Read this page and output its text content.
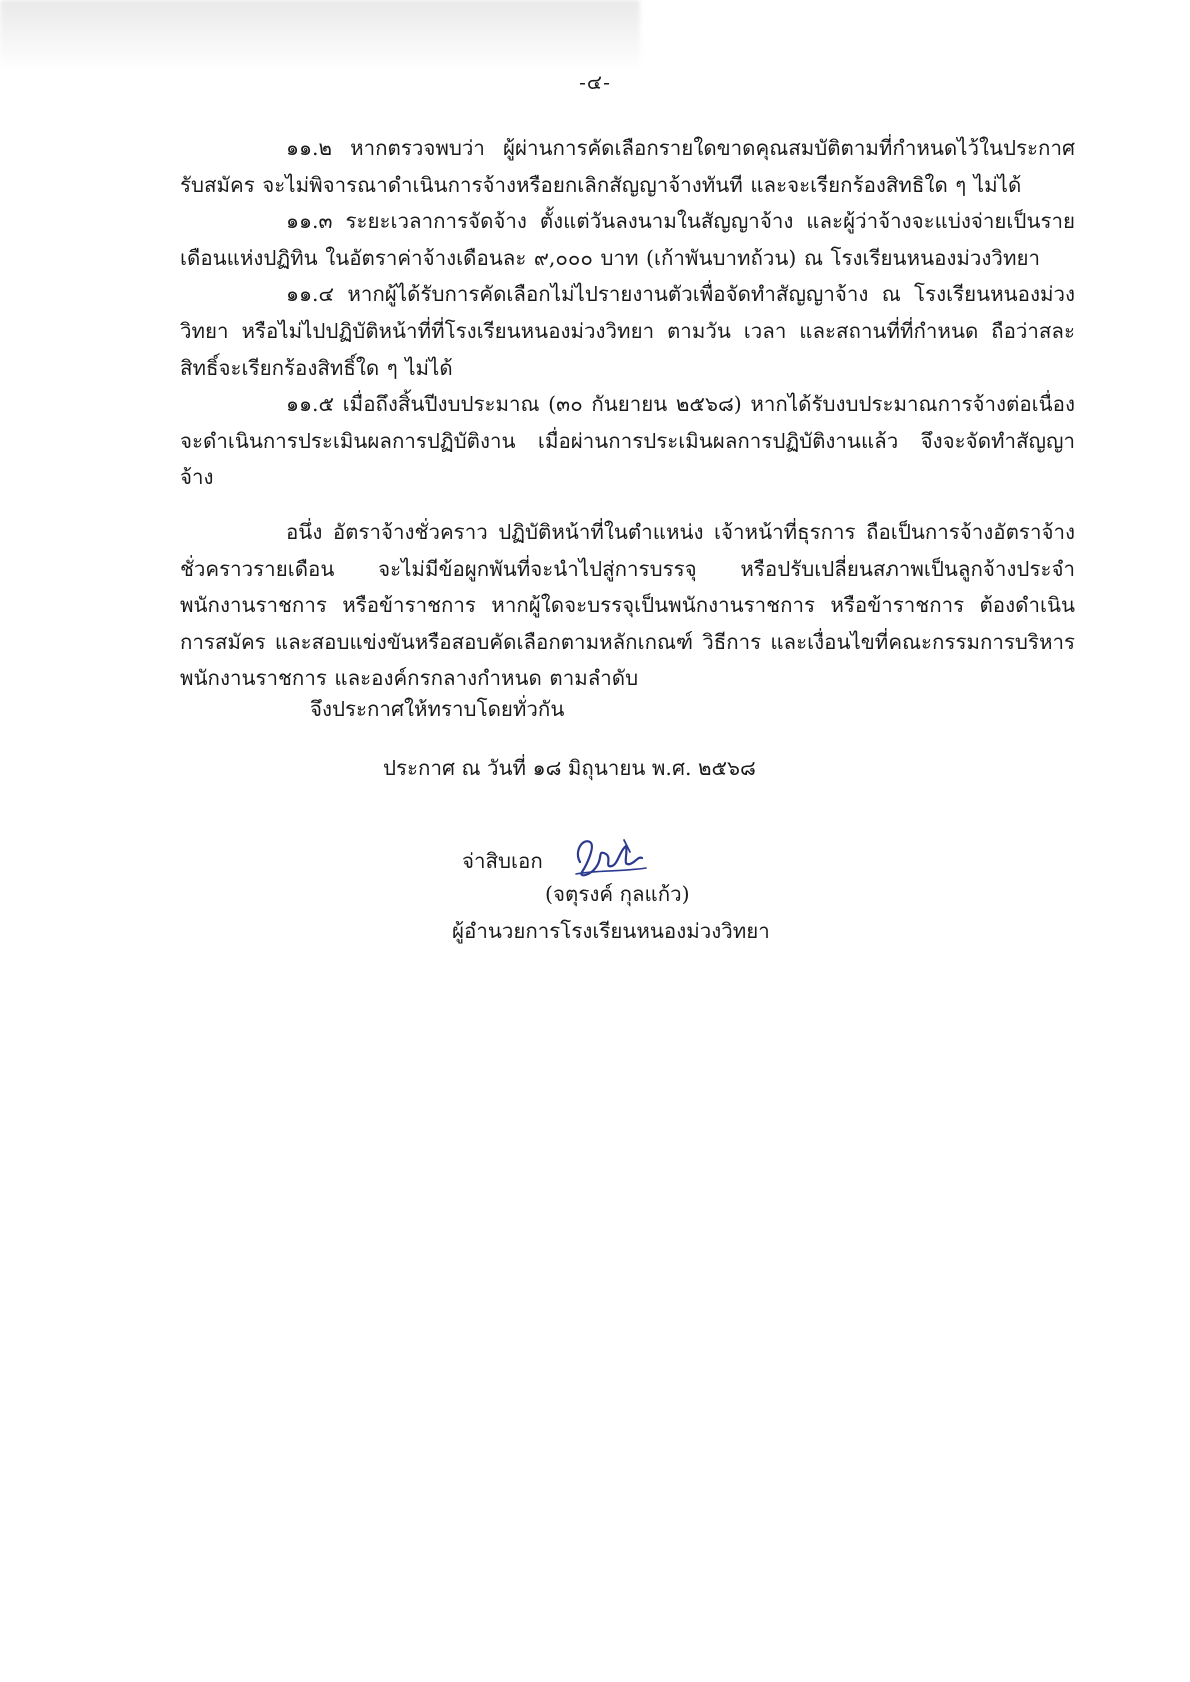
-๔-

๑๑.๒ หากตรวจพบว่า ผู้ผ่านการคัดเลือกรายใดขาดคุณสมบัติตามที่กำหนดไว้ในประกาศรับสมัคร จะไม่พิจารณาดำเนินการจ้างหรือยกเลิกสัญญาจ้างทันที และจะเรียกร้องสิทธิใด ๆ ไม่ได้

๑๑.๓ ระยะเวลาการจัดจ้าง ตั้งแต่วันลงนามในสัญญาจ้าง และผู้ว่าจ้างจะแบ่งจ่ายเป็นรายเดือนแห่งปฏิทิน ในอัตราค่าจ้างเดือนละ ๙,๐๐๐ บาท (เก้าพันบาทถ้วน) ณ โรงเรียนหนองม่วงวิทยา

๑๑.๔ หากผู้ได้รับการคัดเลือกไม่ไปรายงานตัวเพื่อจัดทำสัญญาจ้าง ณ โรงเรียนหนองม่วงวิทยา หรือไม่ไปปฏิบัติหน้าที่ที่โรงเรียนหนองม่วงวิทยา ตามวัน เวลา และสถานที่ที่กำหนด ถือว่าสละสิทธิ์จะเรียกร้องสิทธิ์ใด ๆ ไม่ได้

๑๑.๕ เมื่อถึงสิ้นปีงบประมาณ (๓๐ กันยายน ๒๕๖๘) หากได้รับงบประมาณการจ้างต่อเนื่อง จะดำเนินการประเมินผลการปฏิบัติงาน เมื่อผ่านการประเมินผลการปฏิบัติงานแล้ว จึงจะจัดทำสัญญาจ้าง

อนึ่ง อัตราจ้างชั่วคราว ปฏิบัติหน้าที่ในตำแหน่ง เจ้าหน้าที่ธุรการ ถือเป็นการจ้างอัตราจ้างชั่วคราวรายเดือน จะไม่มีข้อผูกพันที่จะนำไปสู่การบรรจุ หรือปรับเปลี่ยนสภาพเป็นลูกจ้างประจำ พนักงานราชการ หรือข้าราชการ หากผู้ใดจะบรรจุเป็นพนักงานราชการ หรือข้าราชการ ต้องดำเนินการสมัคร และสอบแข่งขันหรือสอบคัดเลือกตามหลักเกณฑ์ วิธีการ และเงื่อนไขที่คณะกรรมการบริหารพนักงานราชการ และองค์กรกลางกำหนด ตามลำดับ

จึงประกาศให้ทราบโดยทั่วกัน
ประกาศ ณ วันที่ ๑๘ มิถุนายน พ.ศ. ๒๕๖๘
จ่าสิบเอก
(จตุรงค์ กุลแก้ว)
ผู้อำนวยการโรงเรียนหนองม่วงวิทยา
